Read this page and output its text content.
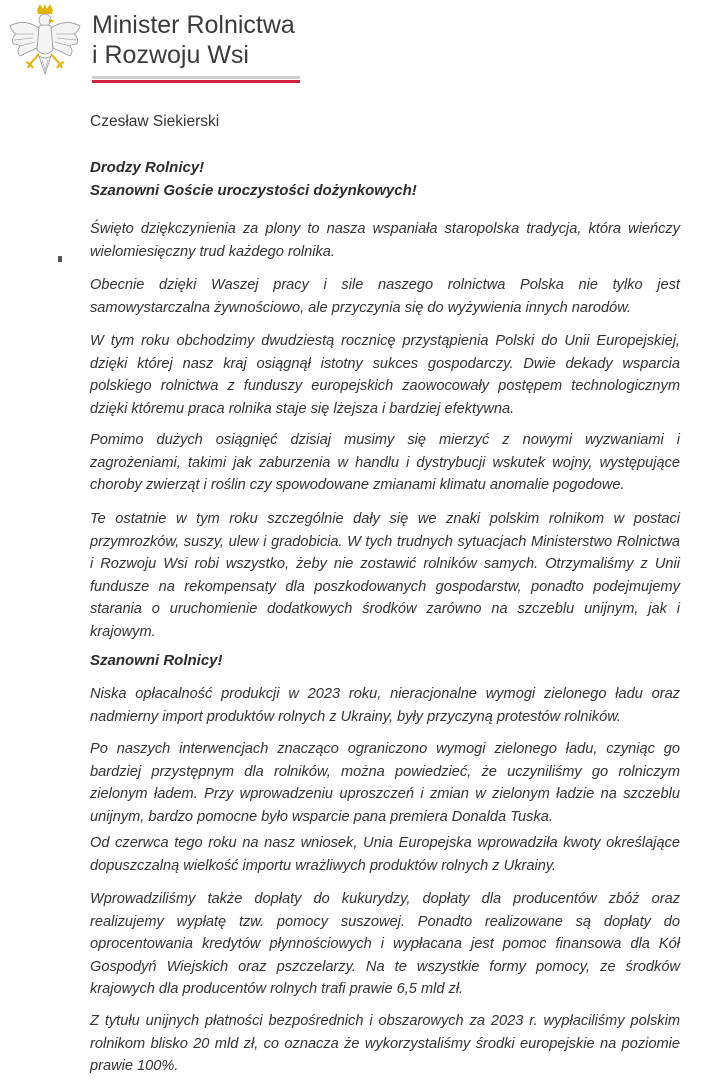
Minister Rolnictwa
i Rozwoju Wsi
Czesław Siekierski
Drodzy Rolnicy!
Szanowni Goście uroczystości dożynkowych!

Święto dziękczynienia za plony to nasza wspaniała staropolska tradycja, która wieńczy wielomiesięczny trud każdego rolnika.

Obecnie dzięki Waszej pracy i sile naszego rolnictwa Polska nie tylko jest samowystarczalna żywnościowo, ale przyczynia się do wyżywienia innych narodów.

W tym roku obchodzimy dwudziestą rocznicę przystąpienia Polski do Unii Europejskiej, dzięki której nasz kraj osiągnął istotny sukces gospodarczy. Dwie dekady wsparcia polskiego rolnictwa z funduszy europejskich zaowocowały postępem technologicznym dzięki któremu praca rolnika staje się lżejsza i bardziej efektywna.

Pomimo dużych osiągnięć dzisiaj musimy się mierzyć z nowymi wyzwaniami i zagrożeniami, takimi jak zaburzenia w handlu i dystrybucji wskutek wojny, występujące choroby zwierząt i roślin czy spowodowane zmianami klimatu anomalie pogodowe.

Te ostatnie w tym roku szczególnie dały się we znaki polskim rolnikom w postaci przymrozków, suszy, ulew i gradobicia. W tych trudnych sytuacjach Ministerstwo Rolnictwa i Rozwoju Wsi robi wszystko, żeby nie zostawić rolników samych. Otrzymaliśmy z Unii fundusze na rekompensaty dla poszkodowanych gospodarstw, ponadto podejmujemy starania o uruchomienie dodatkowych środków zarówno na szczeblu unijnym, jak i krajowym.

Szanowni Rolnicy!

Niska opłacalność produkcji w 2023 roku, nieracjonalne wymogi zielonego ładu oraz nadmierny import produktów rolnych z Ukrainy, były przyczyną protestów rolników.

Po naszych interwencjach znacząco ograniczono wymogi zielonego ładu, czyniąc go bardziej przystępnym dla rolników, można powiedzieć, że uczyniliśmy go rolniczym zielonym ładem. Przy wprowadzeniu uproszczeń i zmian w zielonym ładzie na szczeblu unijnym, bardzo pomocne było wsparcie pana premiera Donalda Tuska.

Od czerwca tego roku na nasz wniosek, Unia Europejska wprowadziła kwoty określające dopuszczalną wielkość importu wrażliwych produktów rolnych z Ukrainy.

Wprowadziliśmy także dopłaty do kukurydzy, dopłaty dla producentów zbóż oraz realizujemy wypłatę tzw. pomocy suszowej. Ponadto realizowane są dopłaty do oprocentowania kredytów płynnościowych i wypłacana jest pomoc finansowa dla Kół Gospodyń Wiejskich oraz pszczelarzy. Na te wszystkie formy pomocy, ze środków krajowych dla producentów rolnych trafi prawie 6,5 mld zł.

Z tytułu unijnych płatności bezpośrednich i obszarowych za 2023 r. wypłaciliśmy polskim rolnikom blisko 20 mld zł, co oznacza że wykorzystaliśmy środki europejskie na poziomie prawie 100%.
